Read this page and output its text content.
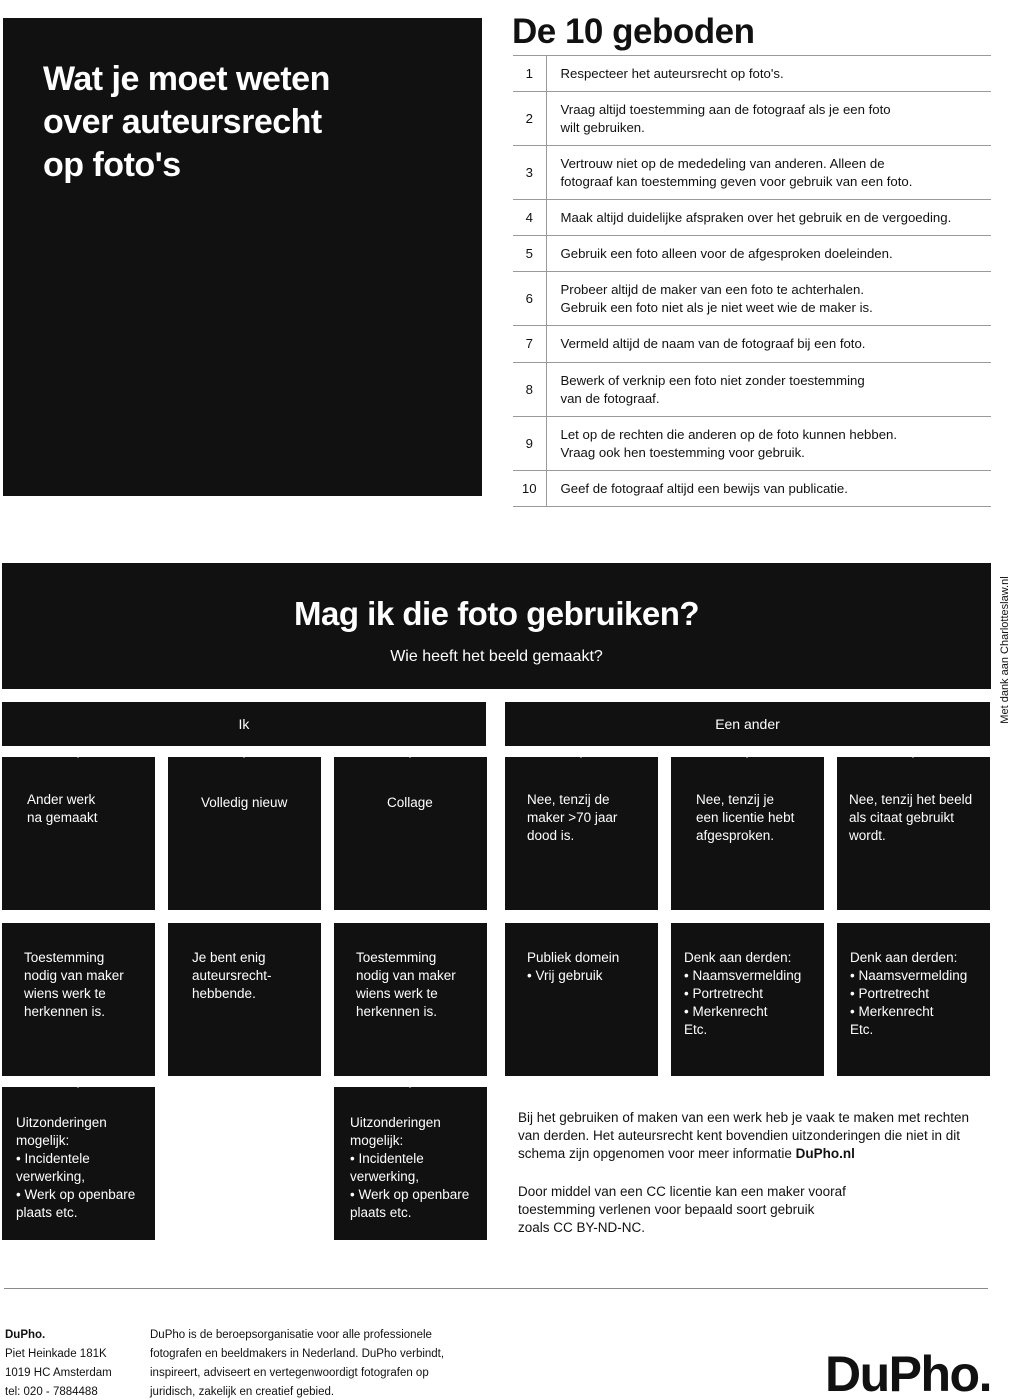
Wat je moet weten
over auteursrecht
op foto's
De 10 geboden
1	Respecteer het auteursrecht op foto's.
2	Vraag altijd toestemming aan de fotograaf als je een foto
wilt gebruiken.
3	Vertrouw niet op de mededeling van anderen. Alleen de
fotograaf kan toestemming geven voor gebruik van een foto.
4	Maak altijd duidelijke afspraken over het gebruik en de vergoeding.
5	Gebruik een foto alleen voor de afgesproken doeleinden.
6	Probeer altijd de maker van een foto te achterhalen.
Gebruik een foto niet als je niet weet wie de maker is.
7	Vermeld altijd de naam van de fotograaf bij een foto.
8	Bewerk of verknip een foto niet zonder toestemming
van de fotograaf.
9	Let op de rechten die anderen op de foto kunnen hebben.
Vraag ook hen toestemming voor gebruik.
10	Geef de fotograaf altijd een bewijs van publicatie.
Mag ik die foto gebruiken?

Wie heeft het beeld gemaakt?

Ik	Een ander
Ander werk
na gemaakt
Volledig nieuw	Collage	Nee, tenzij de
maker >70 jaar
dood is.
Nee, tenzij je
een licentie hebt
afgesproken.
Nee, tenzij het beeld
als citaat gebruikt
wordt.
Toestemming
nodig van maker
wiens werk te
herkennen is.
Je bent enig
auteursrecht-
hebbende.
Toestemming
nodig van maker
wiens werk te
herkennen is.
Publiek domein
• Vrij gebruik
Denk aan derden:
• Naamsvermelding
• Portretrecht
• Merkenrecht
Etc.
Denk aan derden:
• Naamsvermelding
• Portretrecht
• Merkenrecht
Etc.
Uitzonderingen
mogelijk:
• Incidentele
verwerking,
• Werk op openbare
plaats etc.
Uitzonderingen
mogelijk:
• Incidentele
verwerking,
• Werk op openbare
plaats etc.
Met dank aan Charlotteslaw.nl
Bij het gebruiken of maken van een werk heb je vaak te maken met rechten van derden. Het auteursrecht kent bovendien uitzonderingen die niet in dit schema zijn opgenomen voor meer informatie DuPho.nl
Door middel van een CC licentie kan een maker vooraf toestemming verlenen voor bepaald soort gebruik zoals CC BY-ND-NC.
DuPho.
Piet Heinkade 181K
1019 HC Amsterdam
tel: 020 - 7884488
DuPho is de beroepsorganisatie voor alle professionele
fotografen en beeldmakers in Nederland. DuPho verbindt,
inspireert, adviseert en vertegenwoordigt fotografen op
juridisch, zakelijk en creatief gebied.	DuPho.
